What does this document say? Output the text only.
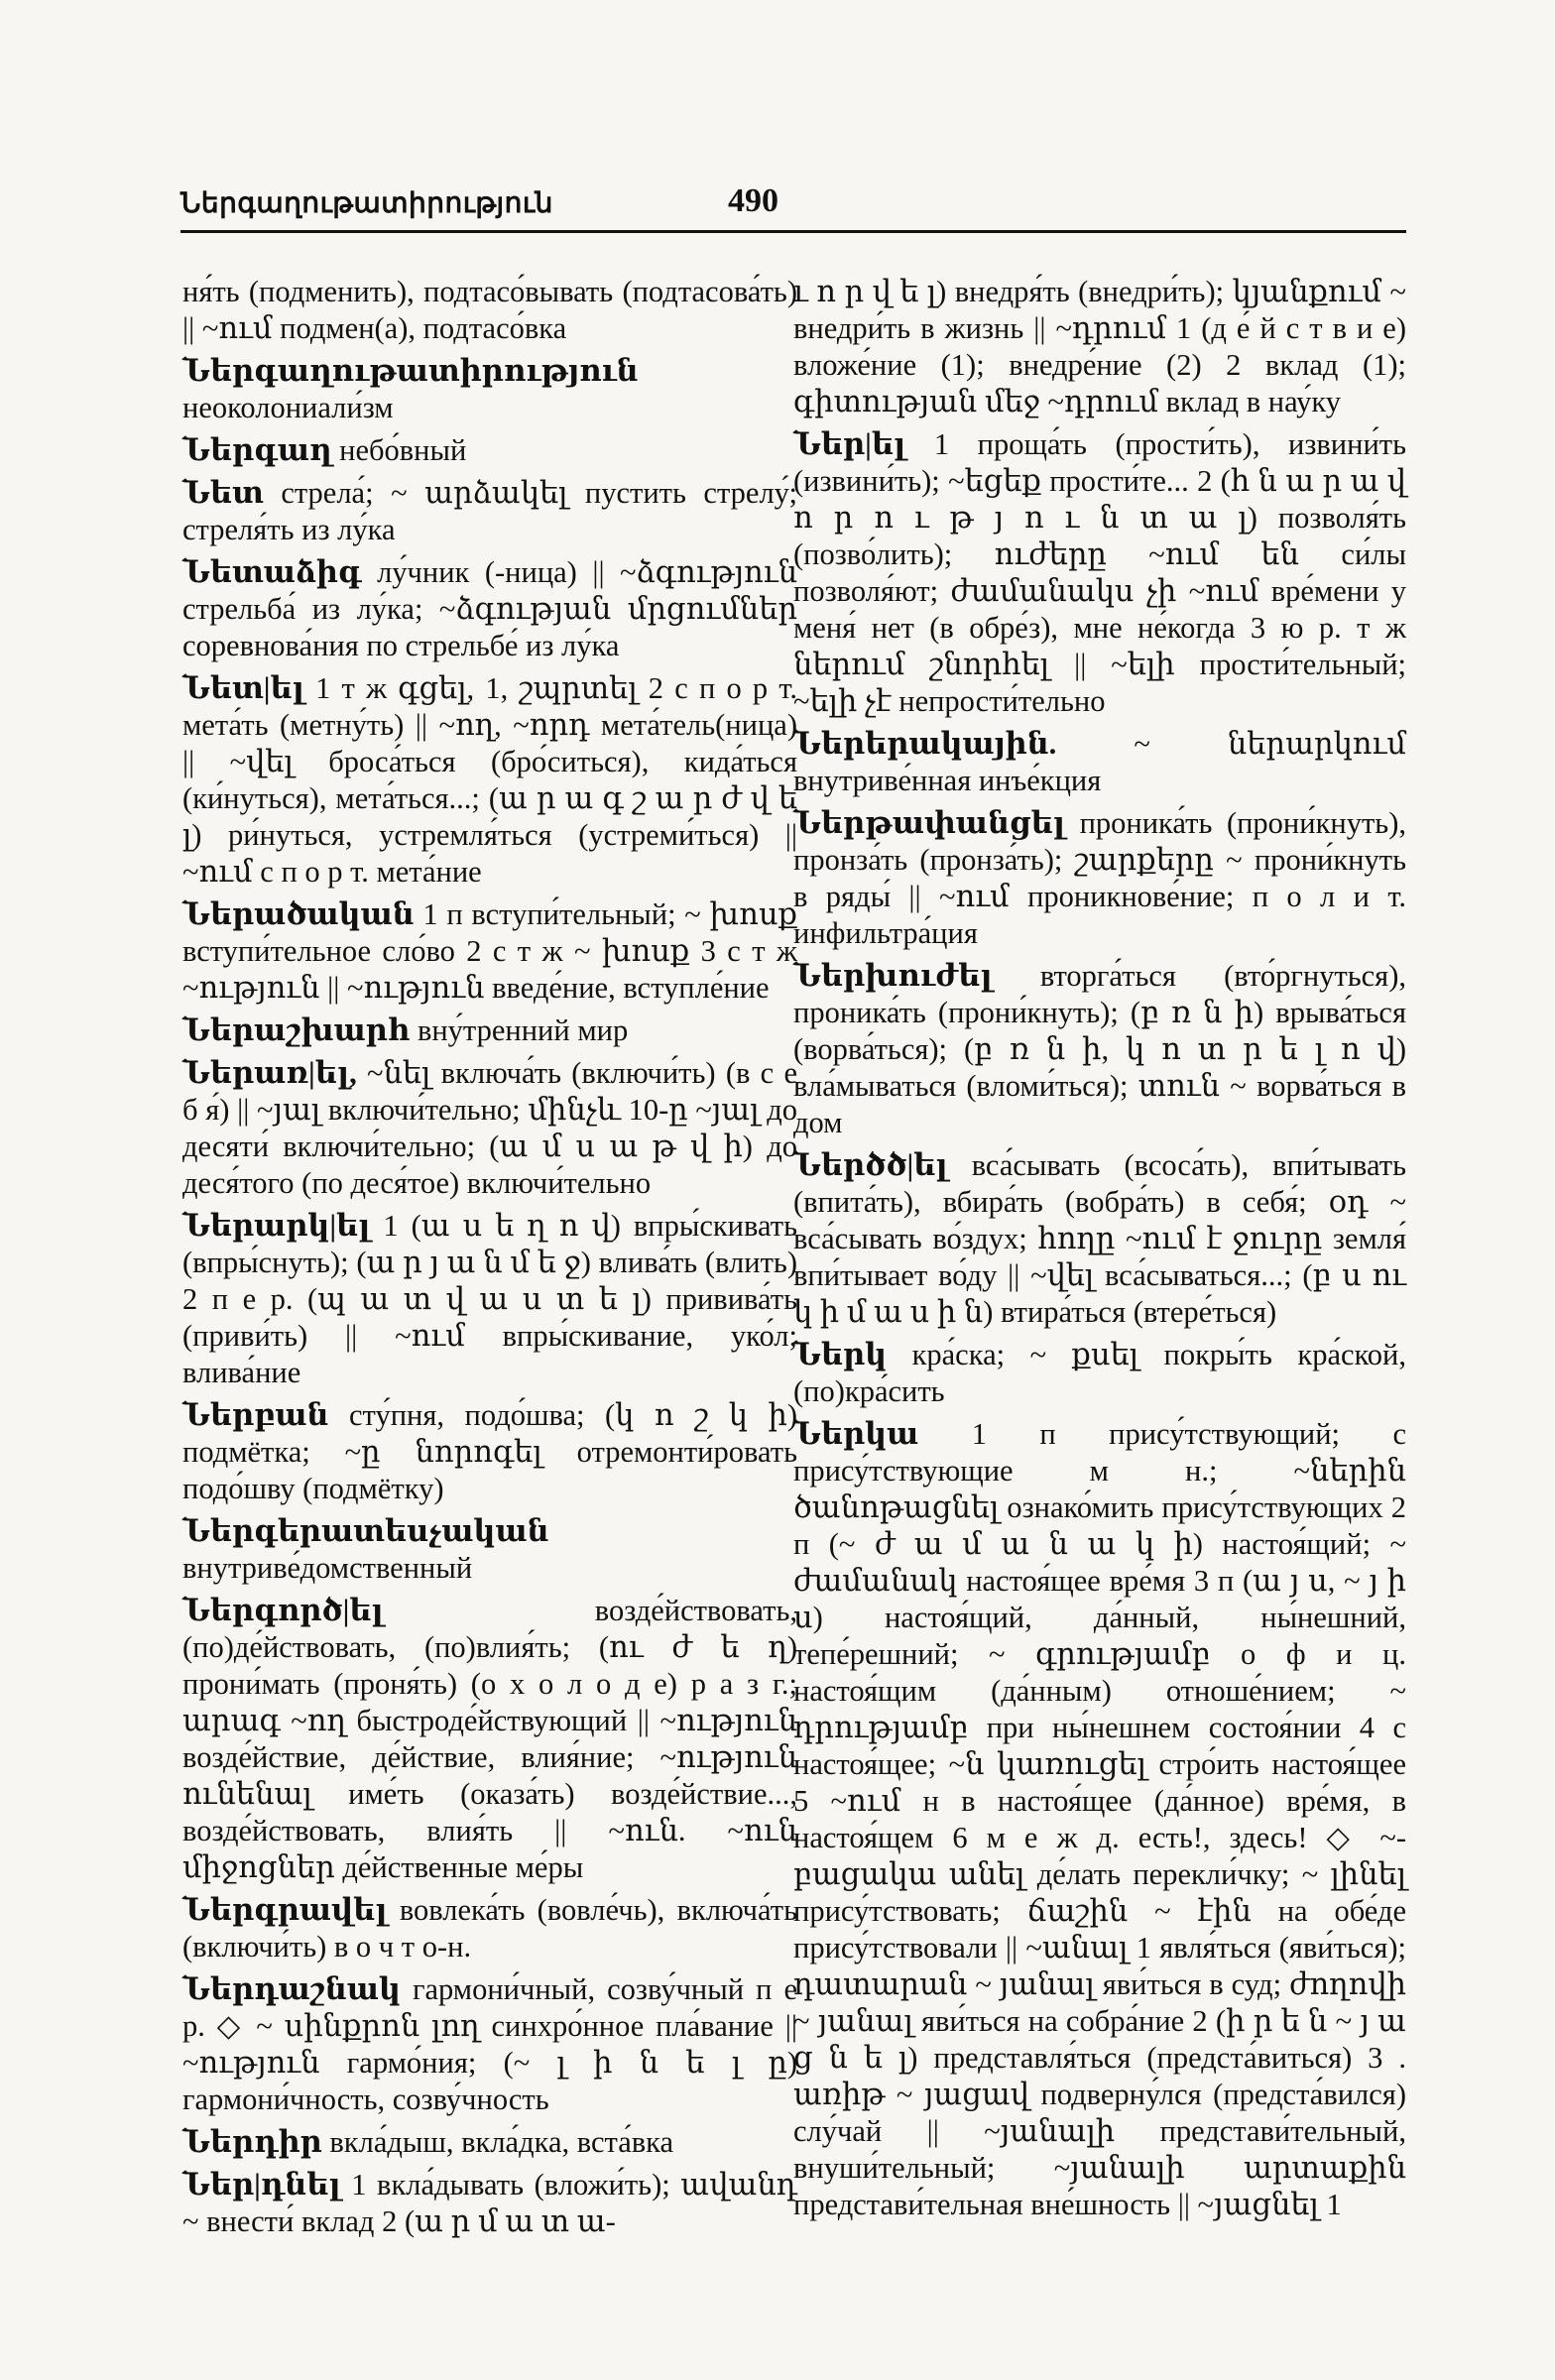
Ներգաղութատիրություն	490

ня́ть (подменить), подтасо́вывать (подтасова́ть) || ~ում подмен(а), подтасо́вка

Ներգաղութատիրություն неоколониали́зм

Ներգաղ небо́вный

Նետ стрела́; ~ արձակել пустить стрелу́; стреля́ть из лу́ка

Նետաձիգ лу́чник (-ница) || ~ձգություն стрельба́ из лу́ка; ~ձգության մրցումներ соревнова́ния по стрельбе́ из лу́ка

Նետ|ել 1 т ж գցել, 1, շպրտել 2 с п о р т. мета́ть (метну́ть) || ~ող, ~որդ мета́тель(ница) || ~վել броса́ться (бро́ситься), кида́ться (ки́нуться), мета́ться...; (ա ր ա գ շ ա ր ժ վ ե լ) ри́нуться, устремля́ться (устреми́ться) || ~ում с п о р т. мета́ние

Ներածական 1 п вступи́тельный; ~ խոսք вступи́тельное сло́во 2 с т ж ~ խոսք 3 с т ж ~ություն || ~ություն введе́ние, вступле́ние

Ներաշխարհ вну́тренний мир

Ներառ|ել, ~նել включа́ть (включи́ть) (в с е б я́) || ~յալ включи́тельно; մինչև 10-ը ~յալ до десяти́ включи́тельно; (ա մ ս ա թ վ ի) до деся́того (по деся́тое) включи́тельно

Ներարկ|ել 1 (ա ս ե ղ ո վ) впры́скивать (впры́снуть); (ա ր յ ա ն մ ե ջ) влива́ть (влить) 2 п е р. (պ ա տ վ ա ս տ ե լ) привива́ть (приви́ть) || ~ում впры́скивание, уко́л; влива́ние

Ներբան сту́пня, подо́шва; (կ ո շ կ ի) подмётка; ~ը նորոգել отремонти́ровать подо́шву (подмётку)

Ներգերատեսչական внутриве́домственный

Ներգործ|ել возде́йствовать, (по)де́йствовать, (по)влия́ть; (ու ժ ե ղ) прони́мать (проня́ть) (о х о л о д е) р а з г.; արագ ~ող быстроде́йствующий || ~ություն возде́йствие, де́йствие, влия́ние; ~ություն ունենալ име́ть (оказа́ть) возде́йствие..., возде́йствовать, влия́ть || ~ուն. ~ուն միջոցներ де́йственные ме́ры

Ներգրավել вовлека́ть (вовле́чь), включа́ть (включи́ть) в о ч т о-н.

Ներդաշնակ гармони́чный, созву́чный п е р. ◇ ~ սինքրոն լող синхро́нное пла́вание || ~ություն гармо́ния; (~ լ ի ն ե լ ը) гармони́чность, созву́чность

Ներդիր вкла́дыш, вкла́дка, вста́вка

Ներ|դնել 1 вкла́дывать (вложи́ть); ավանդ ~ внести́ вклад 2 (ա ր մ ա տ ա-

ւ ո ր վ ե լ) внедря́ть (внедри́ть); կյանքում ~ внедри́ть в жизнь || ~դրում 1 (д е́ й с т в и е) вложе́ние (1); внедре́ние (2) 2 вклад (1); գիտության մեջ ~դրում вклад в нау́ку

Ներ|ել 1 проща́ть (прости́ть), извини́ть (извини́ть); ~եցեք прости́те... 2 (հ ն ա ր ա վ ո ր ո ւ թ յ ո ւ ն տ ա լ) позволя́ть (позво́лить); ուժերը ~ում են си́лы позволя́ют; ժամանակս չի ~ում вре́мени у меня́ нет (в обре́з), мне не́когда 3 ю р. т ж ներում շնորհել || ~ելի прости́тельный; ~ելի չէ непрости́тельно

Ներերակային. ~ ներարկում внутриве́нная инъе́кция

Ներթափանցել проника́ть (прони́кнуть), пронза́ть (пронза́ть); շարքերը ~ прони́кнуть в ряды́ || ~ում проникнове́ние; п о л и т. инфильтра́ция

Ներխուժել вторга́ться (вто́ргнуться), проника́ть (прони́кнуть); (բ ռ ն ի) врыва́ться (ворва́ться); (բ ռ ն ի, կ ո տ ր ե լ ո վ) вла́мываться (вломи́ться); տուն ~ ворва́ться в дом

Ներծծ|ել вса́сывать (всоса́ть), впи́тывать (впита́ть), вбира́ть (вобра́ть) в себя́; օդ ~ вса́сывать во́здух; հողը ~ում է ջուրը земля́ впи́тывает во́ду || ~վել вса́сываться...; (բ ս ու կ ի մ ա ս ի ն) втира́ться (втере́ться)

Ներկ кра́ска; ~ քսել покры́ть кра́ской, (по)кра́сить

Ներկա 1 п прису́тствующий; с прису́тствующие м н.; ~ներին ծանոթացնել ознако́мить прису́тствующих 2 п (~ ժ ա մ ա ն ա կ ի) настоя́щий; ~ ժամանակ настоя́щее вре́мя 3 п (ա յ ս, ~ յ ի ս) настоя́щий, да́нный, ны́нешний, тепе́решний; ~ գրությամբ о ф и ц. настоя́щим (да́нным) отноше́нием; ~ դրությամբ при ны́нешнем состоя́нии 4 с настоя́щее; ~ն կառուցել стро́ить настоя́щее 5 ~ում н в настоя́щее (да́нное) вре́мя, в настоя́щем 6 м е ж д. есть!, здесь! ◇ ~-բացակա անել де́лать перекли́чку; ~ լինել прису́тствовать; ճաշին ~ էին на обе́де прису́тствовали || ~անալ 1 явля́ться (яви́ться); դատարան ~ յանալ яви́ться в суд; ժողովի ~ յանալ яви́ться на собра́ние 2 (ի ր ե ն ~ յ ա ց ն ե լ) представля́ться (предста́виться) 3 . առիթ ~ յացավ подверну́лся (предста́вился) слу́чай || ~յանալի представи́тельный, внуши́тельный; ~յանալի արտաքին представи́тельная вне́шность || ~յացնել 1
